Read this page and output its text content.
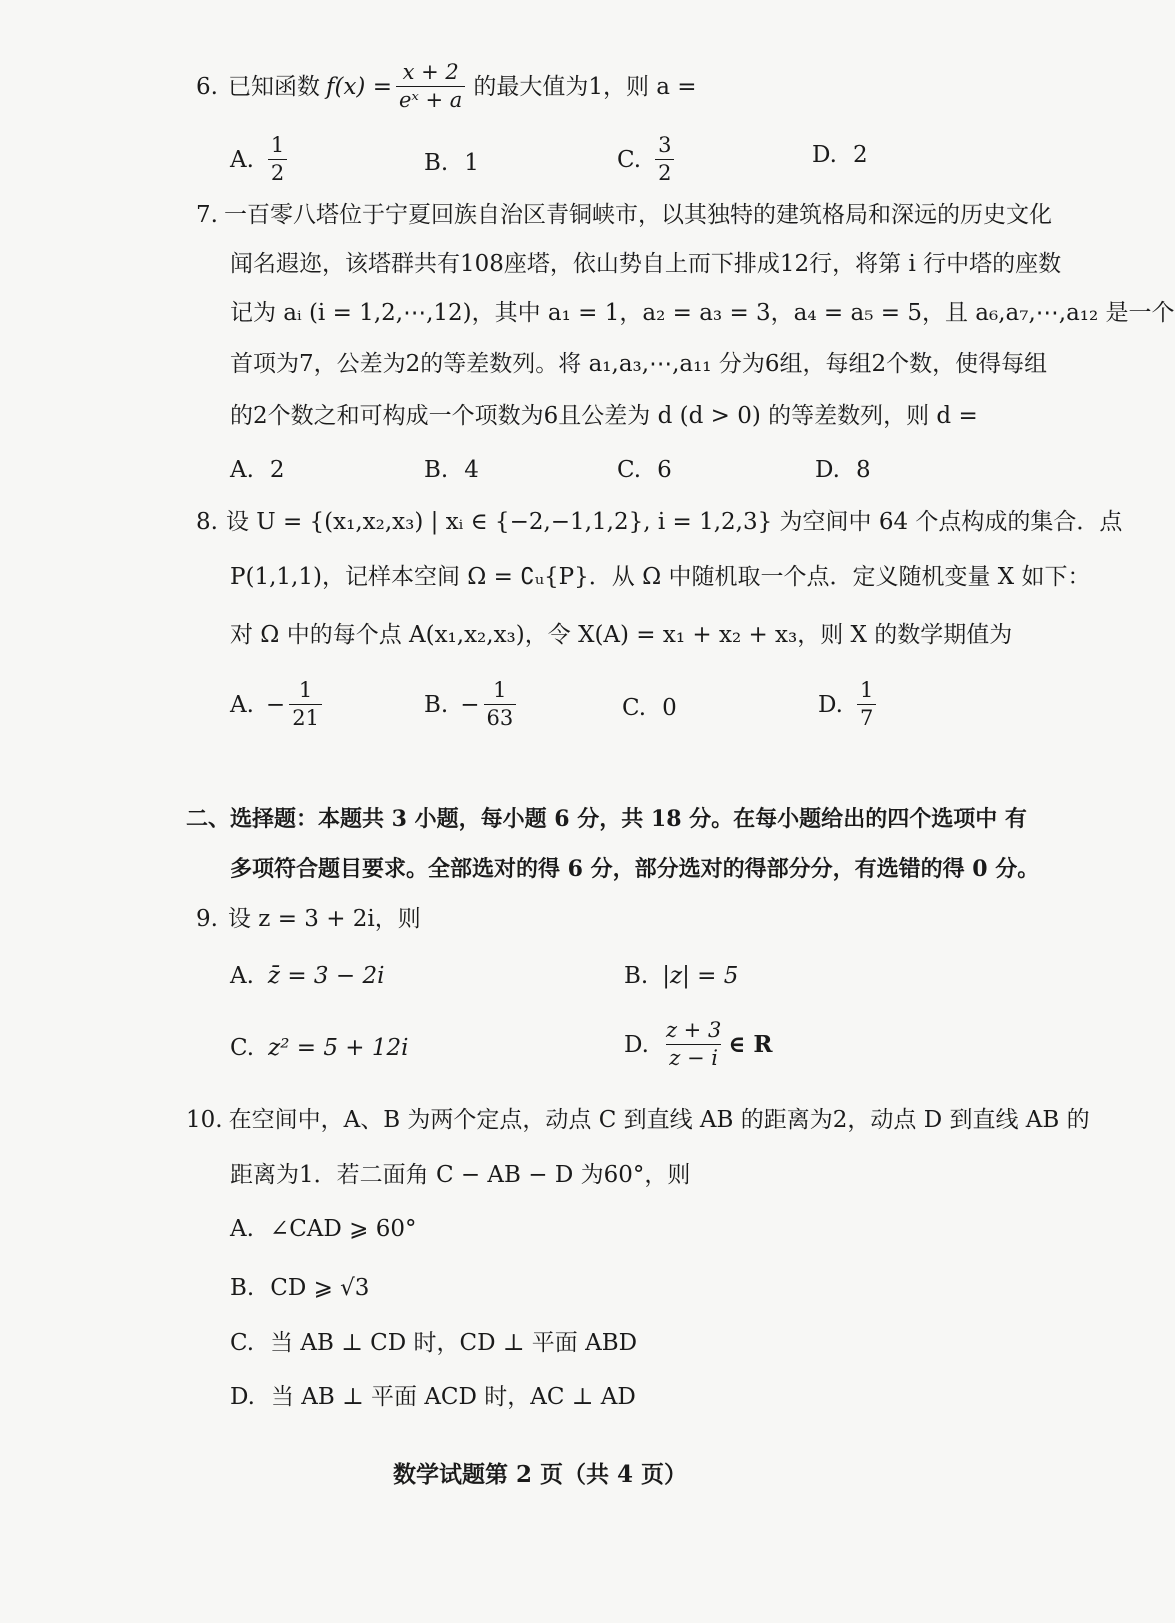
6. 已知函数 $f(x) = \frac{x + 2}{\text{eˣ + a}}$ 的最大值为1，则 a =
A. $\frac{1}{2}$	B. 1	C. $\frac{3}{2}$	D. 2
7. 一百零八塔位于宁夏回族自治区青铜峡市，以其独特的建筑格局和深远的历史文化
闻名遐迩，该塔群共有108座塔，依山势自上而下排成12行，将第 i 行中塔的座数
记为 aᵢ (i = 1,2,⋯,12)，其中 a₁ = 1，a₂ = a₃ = 3，a₄ = a₅ = 5，且 a₆,a₇,⋯,a₁₂ 是一个
首项为7，公差为2的等差数列。将 a₁,a₃,⋯,a₁₁ 分为6组，每组2个数，使得每组
的2个数之和可构成一个项数为6且公差为 d (d > 0) 的等差数列，则 d =
A. 2	B. 4	C. 6	D. 8
8. 设 U = {(x₁,x₂,x₃) | xᵢ ∈ {−2,−1,1,2}, i = 1,2,3} 为空间中 64 个点构成的集合．点
P(1,1,1)，记样本空间 Ω = ∁ᵤ{P}．从 Ω 中随机取一个点．定义随机变量 X 如下：
对 Ω 中的每个点 A(x₁,x₂,x₃)，令 X(A) = x₁ + x₂ + x₃，则 X 的数学期值为
A. − $\frac{1}{21}$	B. − $\frac{1}{63}$	C. 0	D. $\frac{1}{7}$
二、选择题：本题共 3 小题，每小题 6 分，共 18 分。在每小题给出的四个选项中 有
多项符合题目要求。全部选对的得 6 分，部分选对的得部分分，有选错的得 0 分。
9. 设 z = 3 + 2i，则
A. z̄ = 3 − 2i	B. |z| = 5
C. z² = 5 + 12i	D. $\frac{z + 3}{z - i}$ ∈ R
10. 在空间中，A、B 为两个定点，动点 C 到直线 AB 的距离为2，动点 D 到直线 AB 的
距离为1．若二面角 C − AB − D 为60°，则
A. ∠CAD ⩾ 60°
B. CD ⩾ √3
C. 当 AB ⊥ CD 时，CD ⊥ 平面 ABD
D. 当 AB ⊥ 平面 ACD 时，AC ⊥ AD
数学试题第 2 页（共 4 页）
